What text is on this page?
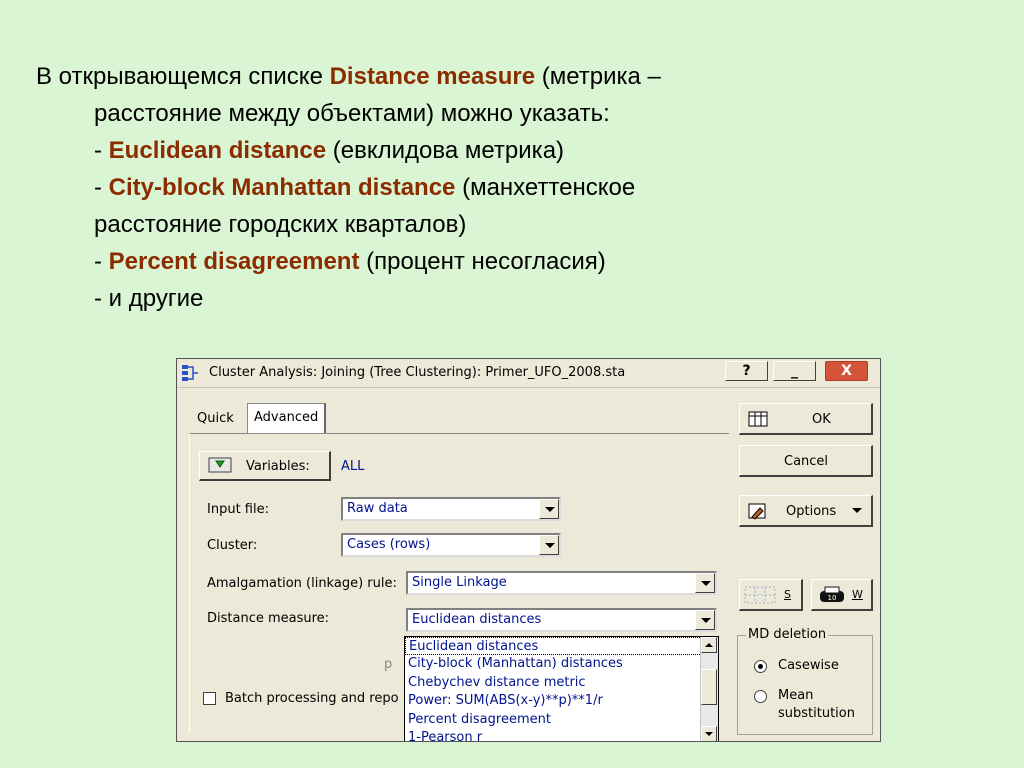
В открывающемся списке Distance measure (метрика –
расстояние между объектами) можно указать:
- Euclidean distance (евклидова метрика)
- City-block Manhattan distance (манхеттенское
расстояние городских кварталов)
- Percent disagreement (процент несогласия)
- и другие
Cluster Analysis: Joining (Tree Clustering): Primer_UFO_2008.sta	?	_	X
Quick	Advanced
Variables: ALL
Input file:	Raw data
Cluster:	Cases (rows)
Amalgamation (linkage) rule:	Single Linkage
Distance measure:	Euclidean distances
p
Batch processing and repo
Euclidean distances
City-block (Manhattan) distances
Chebychev distance metric
Power: SUM(ABS(x-y)**p)**1/r
Percent disagreement
1-Pearson r
OK
Cancel
Options
S	10 W
MD deletion
Casewise
Mean
substitution
